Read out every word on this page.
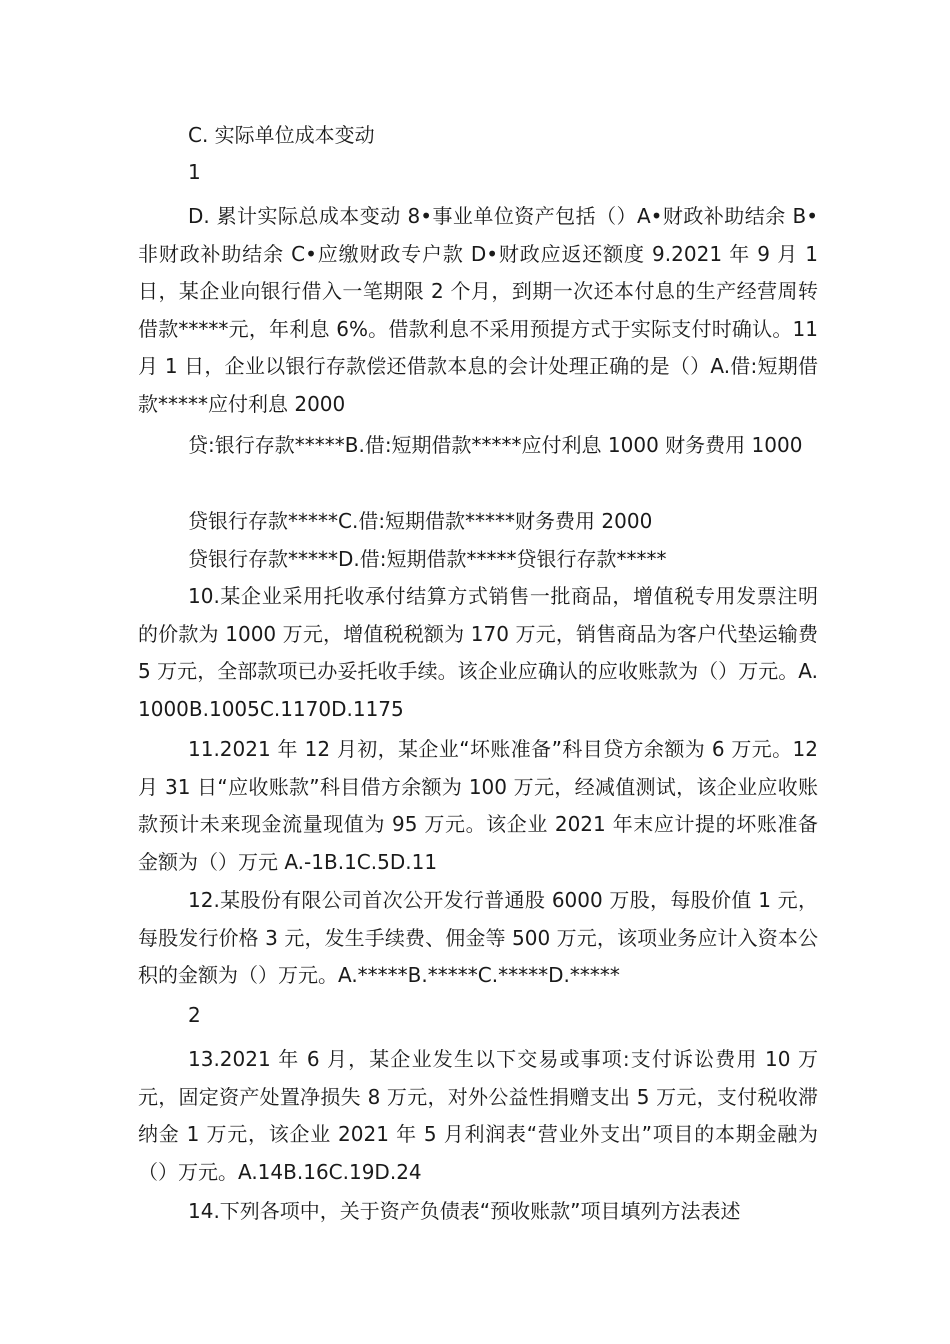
C. 实际单位成本变动

1

D. 累计实际总成本变动 8•事业单位资产包括（）A•财政补助结余 B•非财政补助结余 C•应缴财政专户款 D•财政应返还额度 9.2021 年 9 月 1 日，某企业向银行借入一笔期限 2 个月，到期一次还本付息的生产经营周转借款*****元，年利息 6%。借款利息不采用预提方式于实际支付时确认。11 月 1 日，企业以银行存款偿还借款本息的会计处理正确的是（）A.借:短期借款*****应付利息 2000

贷:银行存款*****B.借:短期借款*****应付利息 1000 财务费用 1000

贷银行存款*****C.借:短期借款*****财务费用 2000

贷银行存款*****D.借:短期借款*****贷银行存款*****

10.某企业采用托收承付结算方式销售一批商品，增值税专用发票注明的价款为 1000 万元，增值税税额为 170 万元，销售商品为客户代垫运输费 5 万元，全部款项已办妥托收手续。该企业应确认的应收账款为（）万元。A.1000B.1005C.1170D.1175

11.2021 年 12 月初，某企业“坏账准备”科目贷方余额为 6 万元。12 月 31 日“应收账款”科目借方余额为 100 万元，经减值测试，该企业应收账款预计未来现金流量现值为 95 万元。该企业 2021 年末应计提的坏账准备金额为（）万元 A.-1B.1C.5D.11

12.某股份有限公司首次公开发行普通股 6000 万股，每股价值 1 元，每股发行价格 3 元，发生手续费、佣金等 500 万元，该项业务应计入资本公积的金额为（）万元。A.*****B.*****C.*****D.*****

2

13.2021 年 6 月，某企业发生以下交易或事项:支付诉讼费用 10 万元，固定资产处置净损失 8 万元，对外公益性捐赠支出 5 万元，支付税收滞纳金 1 万元，该企业 2021 年 5 月利润表“营业外支出”项目的本期金融为（）万元。A.14B.16C.19D.24

14.下列各项中，关于资产负债表“预收账款”项目填列方法表述
